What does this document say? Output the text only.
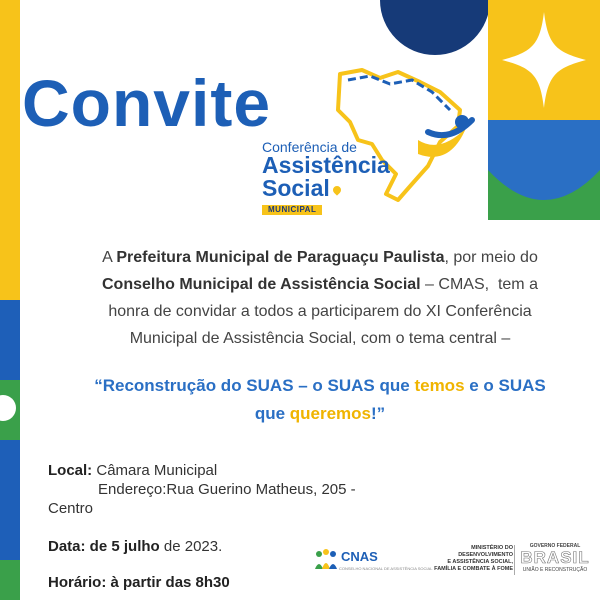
Convite
Conferência de
Assistência
Social
MUNICIPAL
A Prefeitura Municipal de Paraguaçu Paulista, por meio do
Conselho Municipal de Assistência Social – CMAS,  tem a
honra de convidar a todos a participarem do XI Conferência
Municipal de Assistência Social, com o tema central –
“Reconstrução do SUAS – o SUAS que temos e o SUAS
que queremos!”
Local: Câmara Municipal
Endereço:Rua Guerino Matheus, 205 -
Centro
Data: de 5 julho de 2023.
Horário: à partir das 8h30
CNAS
CONSELHO NACIONAL DE ASSISTÊNCIA SOCIAL
MINISTÉRIO DO
DESENVOLVIMENTO
E ASSISTÊNCIA SOCIAL,
FAMÍLIA E COMBATE À FOME
GOVERNO FEDERAL
BRASIL
UNIÃO E RECONSTRUÇÃO
